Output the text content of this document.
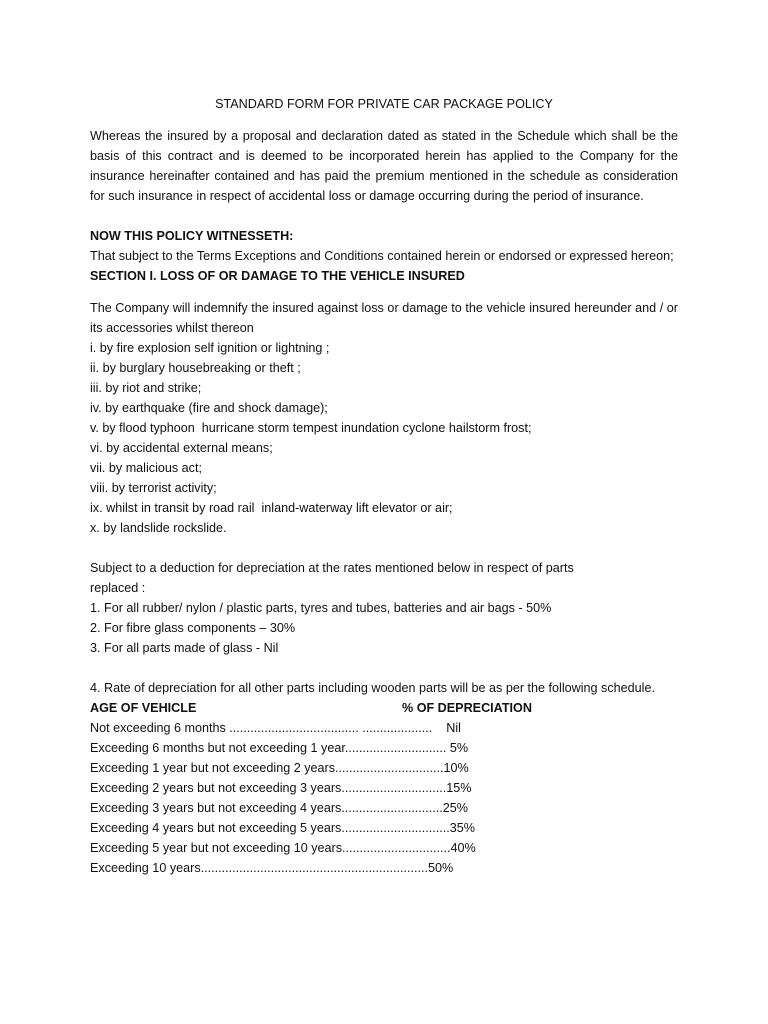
STANDARD FORM FOR PRIVATE CAR PACKAGE POLICY

Whereas the insured by a proposal and declaration dated as stated in the Schedule which shall be the basis of this contract and is deemed to be incorporated herein has applied to the Company for the insurance hereinafter contained and has paid the premium mentioned in the schedule as consideration for such insurance in respect of accidental loss or damage occurring during the period of insurance.

NOW THIS POLICY WITNESSETH:

That subject to the Terms Exceptions and Conditions contained herein or endorsed or expressed hereon;

SECTION I. LOSS OF OR DAMAGE TO THE VEHICLE INSURED

The Company will indemnify the insured against loss or damage to the vehicle insured hereunder and / or its accessories whilst thereon

i. by fire explosion self ignition or lightning ;
ii. by burglary housebreaking or theft ;
iii. by riot and strike;
iv. by earthquake (fire and shock damage);
v. by flood typhoon  hurricane storm tempest inundation cyclone hailstorm frost;
vi. by accidental external means;
vii. by malicious act;
viii. by terrorist activity;
ix. whilst in transit by road rail  inland-waterway lift elevator or air;
x. by landslide rockslide.
Subject to a deduction for depreciation at the rates mentioned below in respect of parts
replaced :
1. For all rubber/ nylon / plastic parts, tyres and tubes, batteries and air bags - 50%
2. For fibre glass components – 30%
3. For all parts made of glass - Nil
4. Rate of depreciation for all other parts including wooden parts will be as per the following schedule.
AGE OF VEHICLE	% OF DEPRECIATION
Not exceeding 6 months ..................................... ....................    Nil
Exceeding 6 months but not exceeding 1 year............................. 5%
Exceeding 1 year but not exceeding 2 years...............................10%
Exceeding 2 years but not exceeding 3 years..............................15%
Exceeding 3 years but not exceeding 4 years.............................25%
Exceeding 4 years but not exceeding 5 years...............................35%
Exceeding 5 year but not exceeding 10 years...............................40%
Exceeding 10 years.................................................................50%
